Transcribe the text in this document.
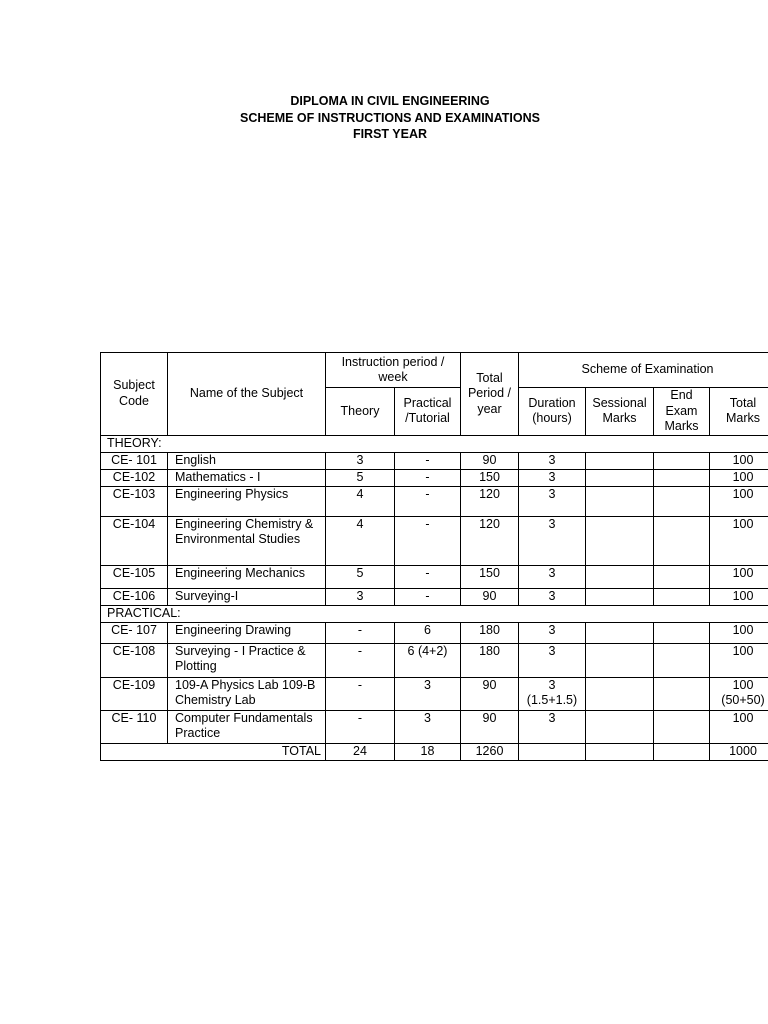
DIPLOMA IN CIVIL ENGINEERING
SCHEME OF INSTRUCTIONS AND EXAMINATIONS
FIRST YEAR
Subject Code	Name of the Subject	Instruction period / week		Total Period / year	Scheme of Examination			
		Theory	Practical /Tutorial		Duration (hours)	Sessional Marks	End Exam Marks	Total Marks
THEORY:								
CE- 101	English	3	-	90	3			100
CE-102	Mathematics - I	5	-	150	3			100
CE-103	Engineering Physics	4	-	120	3			100
CE-104	Engineering Chemistry & Environmental Studies	4	-	120	3			100
CE-105	Engineering Mechanics	5	-	150	3			100
CE-106	Surveying-I	3	-	90	3			100
PRACTICAL:								
CE- 107	Engineering Drawing	-	6	180	3			100
CE-108	Surveying - I Practice & Plotting	-	6 (4+2)	180	3			100
CE-109	109-A Physics Lab 109-B Chemistry Lab	-	3	90	3 (1.5+1.5)			100 (50+50)
CE- 110	Computer Fundamentals Practice	-	3	90	3			100
TOTAL		24	18	1260				1000
